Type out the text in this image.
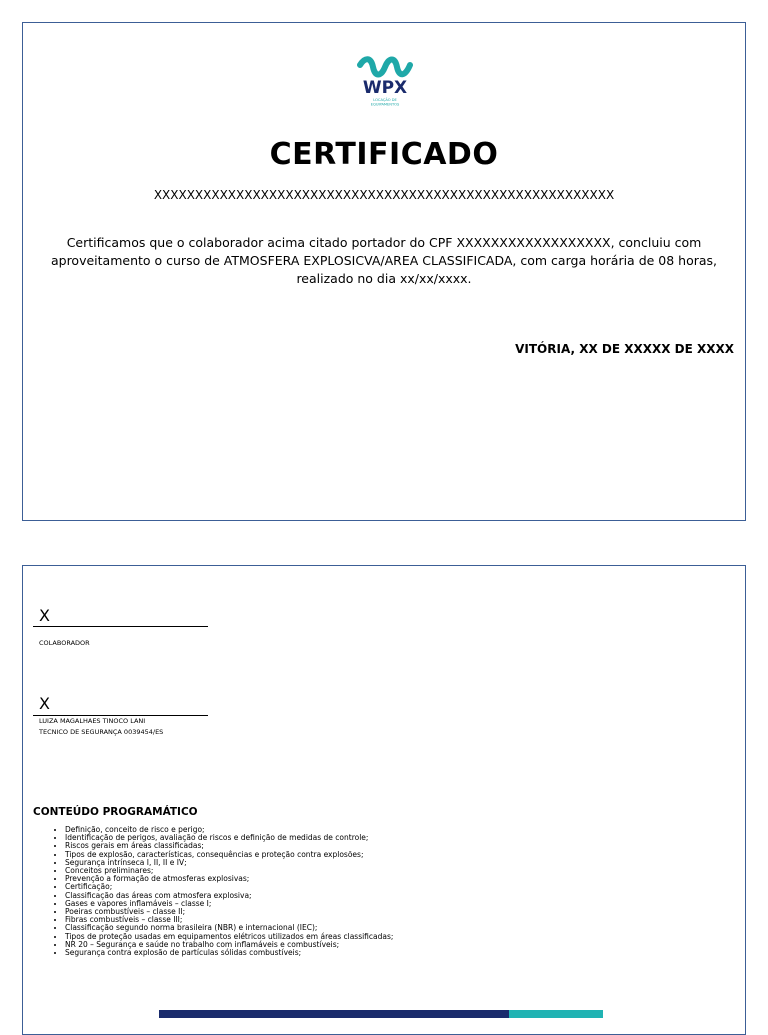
WPX
LOCAÇÃO DE
EQUIPAMENTOS
CERTIFICADO
XXXXXXXXXXXXXXXXXXXXXXXXXXXXXXXXXXXXXXXXXXXXXXXXXXXXXXXX
Certificamos que o colaborador acima citado portador do CPF XXXXXXXXXXXXXXXXXX, concluiu com
aproveitamento o curso de ATMOSFERA EXPLOSICVA/AREA CLASSIFICADA, com carga horária de 08 horas,
realizado no dia xx/xx/xxxx.
VITÓRIA, XX DE XXXXX DE XXXX
X
COLABORADOR
X
LUIZA MAGALHAES TINOCO LANI
TECNICO DE SEGURANÇA 0039454/ES
CONTEÚDO PROGRAMÁTICO
• Definição, conceito de risco e perigo;
• Identificação de perigos, avaliação de riscos e definição de medidas de controle;
• Riscos gerais em áreas classificadas;
• Tipos de explosão, características, consequências e proteção contra explosões;
• Segurança intrínseca I, II, II e IV;
• Conceitos preliminares;
• Prevenção a formação de atmosferas explosivas;
• Certificação;
• Classificação das áreas com atmosfera explosiva;
• Gases e vapores inflamáveis – classe I;
• Poeiras combustíveis – classe II;
• Fibras combustíveis – classe III;
• Classificação segundo norma brasileira (NBR) e internacional (IEC);
• Tipos de proteção usadas em equipamentos elétricos utilizados em áreas classificadas;
• NR 20 – Segurança e saúde no trabalho com inflamáveis e combustíveis;
• Segurança contra explosão de partículas sólidas combustíveis;
